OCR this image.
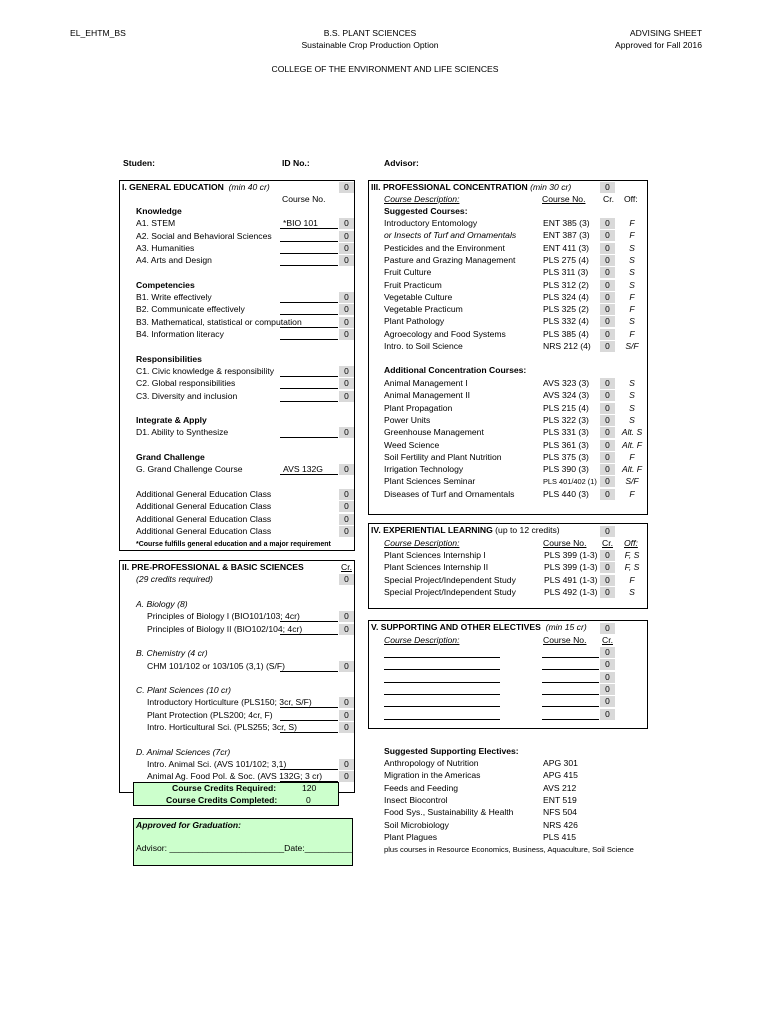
EL_EHTM_BS	B.S. PLANT SCIENCES
Sustainable Crop Production Option
ADVISING SHEET
Approved for Fall 2016
COLLEGE OF THE ENVIRONMENT AND LIFE SCIENCES
Studen:	ID No.:	Advisor:
I. GENERAL EDUCATION (min 40 cr)	0
Course No.
Knowledge
A1. STEM	*BIO 101	0
A2. Social and Behavioral Sciences	0
A3. Humanities	0
A4. Arts and Design	0
Competencies
B1. Write effectively	0
B2. Communicate effectively	0
B3. Mathematical, statistical or computation	0
B4. Information literacy	0
Responsibilities
C1. Civic knowledge & responsibility	0
C2. Global responsibilities	0
C3. Diversity and inclusion	0
Integrate & Apply
D1. Ability to Synthesize	0
Grand Challenge
G. Grand Challenge Course	AVS 132G	0
Additional General Education Class	0
Additional General Education Class	0
Additional General Education Class	0
Additional General Education Class	0
*Course fulfills general education and a major requirement
II. PRE-PROFESSIONAL & BASIC SCIENCES	Cr.
(29 credits required)	0
A. Biology (8)
Principles of Biology I (BIO101/103; 4cr)	0
Principles of Biology II (BIO102/104; 4cr)	0
B. Chemistry (4 cr)
CHM 101/102 or 103/105 (3,1) (S/F)	0
C. Plant Sciences (10 cr)
Introductory Horticulture (PLS150; 3cr, S/F)	0
Plant Protection (PLS200; 4cr, F)	0
Intro. Horticultural Sci. (PLS255; 3cr, S)	0
D. Animal Sciences (7cr)
Intro. Animal Sci. (AVS 101/102; 3,1)	0
Animal Ag. Food Pol. & Soc. (AVS 132G; 3 cr)	0
Course Credits Required:	120
Course Credits Completed:	0
Approved for Graduation:
Advisor: ________________________Date:__________
III. PROFESSIONAL CONCENTRATION (min 30 cr)	0
Course Description:	Course No. Cr. Off:
Suggested Courses:
Additional Concentration Courses:
Introductory Entomology	ENT 385 (3)	0	F
or Insects of Turf and Ornamentals	ENT 387 (3)	0	F
Pesticides and the Environment	ENT 411 (3)	0	S
Pasture and Grazing Management	PLS 275 (4)	0	S
Fruit Culture	PLS 311 (3)	0	S
Fruit Practicum	PLS 312 (2)	0	S
Vegetable Culture	PLS 324 (4)	0	F
Vegetable Practicum	PLS 325 (2)	0	F
Plant Pathology	PLS 332 (4)	0	S
Agroecology and Food Systems	PLS 385 (4)	0	F
Intro. to Soil Science	NRS 212 (4)	0	S/F
Animal Management I	AVS 323 (3)	0	S
Animal Management II	AVS 324 (3)	0	S
Plant Propagation	PLS 215 (4)	0	S
Power Units	PLS 322 (3)	0	S
Greenhouse Management	PLS 331 (3)	0	Alt. S
Weed Science	PLS 361 (3)	0	Alt. F
Soil Fertility and Plant Nutrition	PLS 375 (3)	0	F
Irrigation Technology	PLS 390 (3)	0	Alt. F
Plant Sciences Seminar	PLS 401/402 (1) 0	S/F
Diseases of Turf and Ornamentals	PLS 440 (3)	0	F
IV. EXPERIENTIAL LEARNING (up to 12 credits)	0
Course Description:	Course No. Cr. Off:
Plant Sciences Internship I	PLS 399 (1-3) 0	F, S
Plant Sciences Internship II	PLS 399 (1-3) 0	F, S
Special Project/Independent Study	PLS 491 (1-3) 0	F
Special Project/Independent Study	PLS 492 (1-3) 0	S
V. SUPPORTING AND OTHER ELECTIVES (min 15 cr)	0
Course Description:	Course No. Cr.
0
0
0
0
0
0
Suggested Supporting Electives:
Anthropology of Nutrition	APG 301
Migration in the Americas	APG 415
Feeds and Feeding	AVS 212
Insect Biocontrol	ENT 519
Food Sys., Sustainability & Health	NFS 504
Soil Microbiology	NRS 426
Plant Plagues	PLS 415
plus courses in Resource Economics, Business, Aquaculture, Soil Science
